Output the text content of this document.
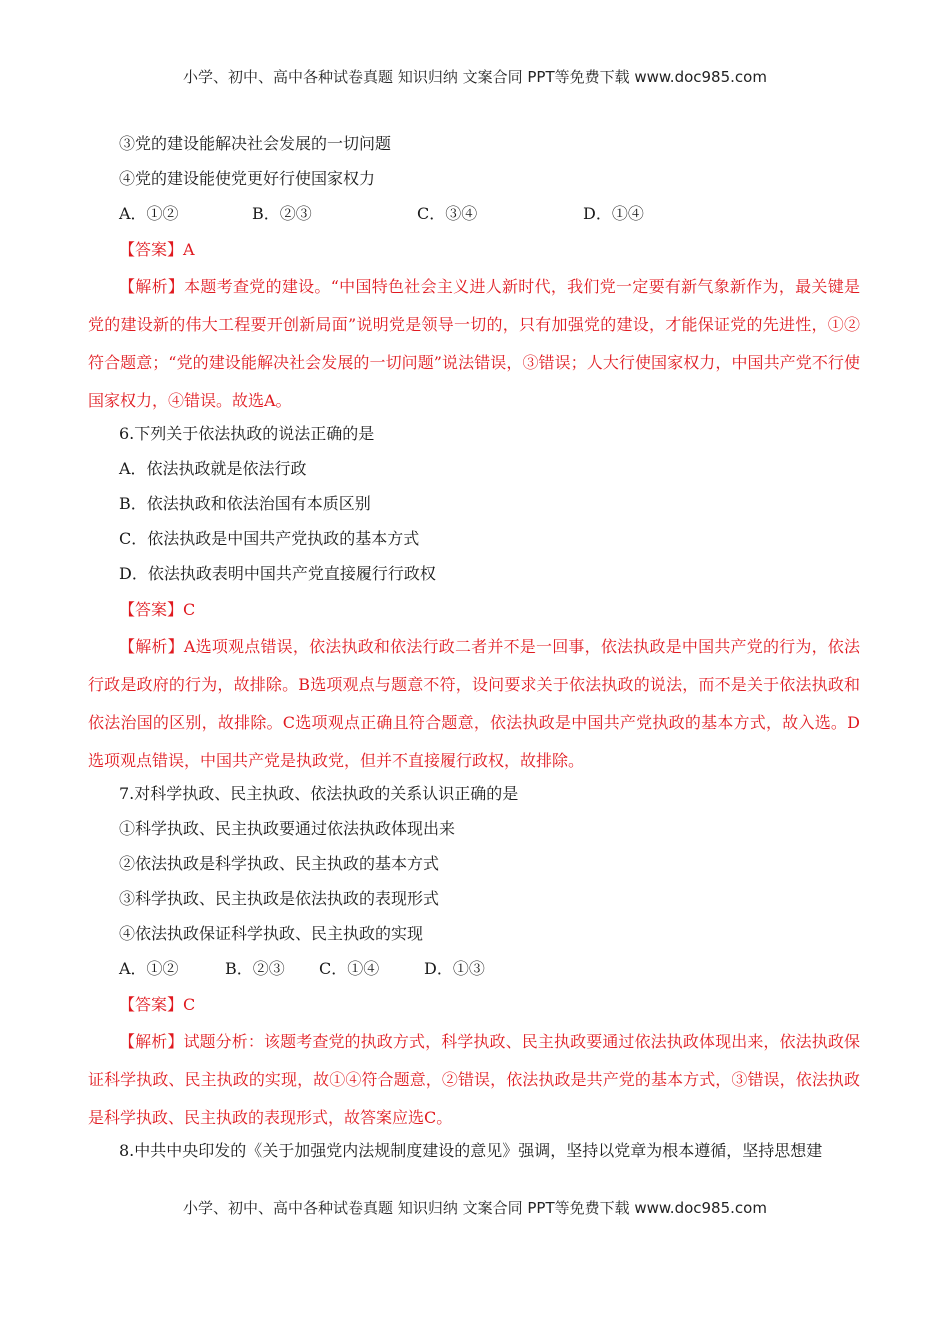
小学、初中、高中各种试卷真题 知识归纳 文案合同 PPT等免费下载 www.doc985.com
③党的建设能解决社会发展的一切问题
④党的建设能使党更好行使国家权力
A．①②	B．②③	C．③④	D．①④
【答案】A
【解析】本题考查党的建设。“中国特色社会主义进人新时代，我们党一定要有新气象新作为，最关键是党的建设新的伟大工程要开创新局面”说明党是领导一切的，只有加强党的建设，才能保证党的先进性，①②符合题意；“党的建设能解决社会发展的一切问题”说法错误，③错误；人大行使国家权力，中国共产党不行使国家权力，④错误。故选A。
6.下列关于依法执政的说法正确的是
A．依法执政就是依法行政
B．依法执政和依法治国有本质区别
C．依法执政是中国共产党执政的基本方式
D．依法执政表明中国共产党直接履行行政权
【答案】C
【解析】A选项观点错误，依法执政和依法行政二者并不是一回事，依法执政是中国共产党的行为，依法行政是政府的行为，故排除。B选项观点与题意不符，设问要求关于依法执政的说法，而不是关于依法执政和依法治国的区别，故排除。C选项观点正确且符合题意，依法执政是中国共产党执政的基本方式，故入选。D选项观点错误，中国共产党是执政党，但并不直接履行政权，故排除。
7.对科学执政、民主执政、依法执政的关系认识正确的是
①科学执政、民主执政要通过依法执政体现出来
②依法执政是科学执政、民主执政的基本方式
③科学执政、民主执政是依法执政的表现形式
④依法执政保证科学执政、民主执政的实现
A．①②	B．②③	C．①④	D．①③
【答案】C
【解析】试题分析：该题考查党的执政方式，科学执政、民主执政要通过依法执政体现出来，依法执政保证科学执政、民主执政的实现，故①④符合题意，②错误，依法执政是共产党的基本方式，③错误，依法执政是科学执政、民主执政的表现形式，故答案应选C。
8.中共中央印发的《关于加强党内法规制度建设的意见》强调，坚持以党章为根本遵循，坚持思想建
小学、初中、高中各种试卷真题 知识归纳 文案合同 PPT等免费下载 www.doc985.com
